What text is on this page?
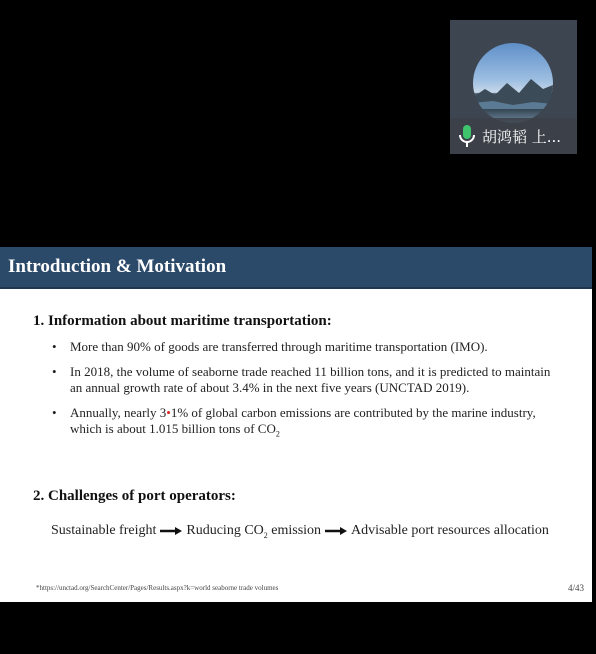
胡鸿韬 上...
Introduction & Motivation
1. Information about maritime transportation:
• More than 90% of goods are transferred through maritime transportation (IMO).
• In 2018, the volume of seaborne trade reached 11 billion tons, and it is predicted to maintain an annual growth rate of about 3.4% in the next five years (UNCTAD 2019).
• Annually, nearly 3•1% of global carbon emissions are contributed by the marine industry, which is about 1.015 billion tons of $CO_2$
2. Challenges of port operators:
Sustainable freight Ruducing $CO_2$ emission Advisable port resources allocation
*https://unctad.org/SearchCenter/Pages/Results.aspx?k=world seaborne trade volumes	4/43
